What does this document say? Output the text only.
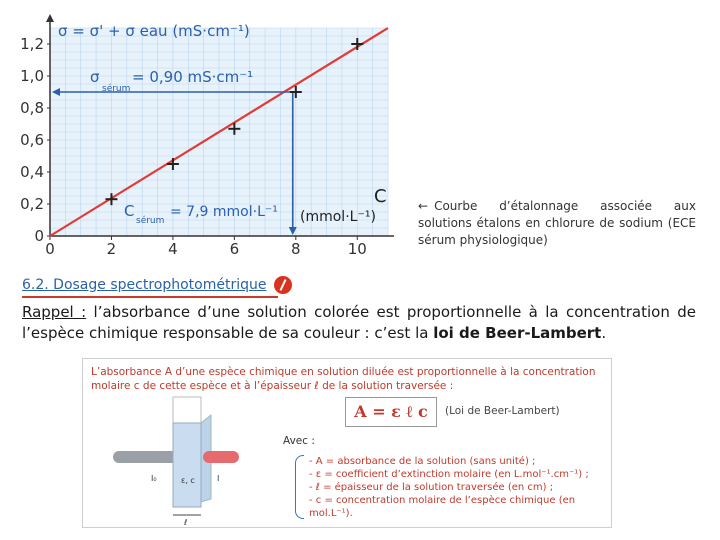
0	2	4	6	8	10
0
0,2
0,4
0,6
0,8
1,0
1,2
σ = σ' + σ eau (mS·cm⁻¹)
C
(mmol·L⁻¹)
σ
sérum
= 0,90 mS·cm⁻¹
C
sérum
= 7,9 mmol·L⁻¹	← Courbe d’étalonnage associée aux solutions étalons en chlorure de sodium (ECE sérum physiologique)
6.2. Dosage spectrophotométrique
Rappel : l’absorbance d’une solution colorée est proportionnelle à la concentration de l’espèce chimique responsable de sa couleur : c’est la loi de Beer-Lambert.
L’absorbance A d’une espèce chimique en solution diluée est proportionnelle à la concentration molaire c de cette espèce et à l’épaisseur ℓ de la solution traversée :
I₀	ε, c	I
ℓ
A = ε ℓ c	(Loi de Beer-Lambert)
Avec :
- A = absorbance de la solution (sans unité) ;
- ε = coefficient d’extinction molaire (en L.mol⁻¹.cm⁻¹) ;
- ℓ = épaisseur de la solution traversée (en cm) ;
- c = concentration molaire de l’espèce chimique (en mol.L⁻¹).
